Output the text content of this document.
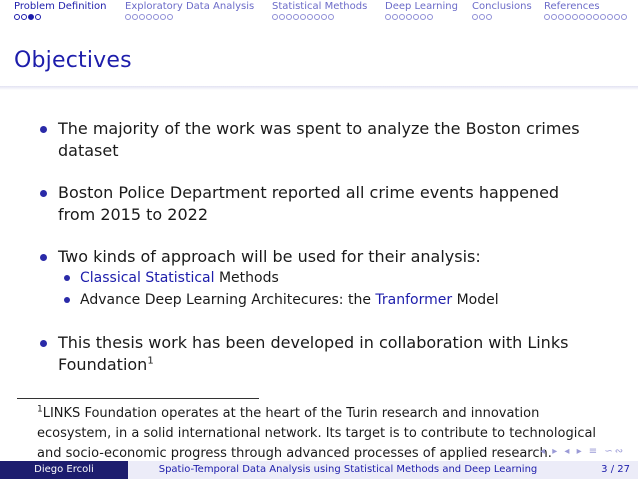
Problem Definition Exploratory Data Analysis Statistical Methods Deep Learning Conclusions References
Objectives
The majority of the work was spent to analyze the Boston crimes dataset
Boston Police Department reported all crime events happened from 2015 to 2022
Two kinds of approach will be used for their analysis:
Classical Statistical Methods
Advance Deep Learning Architecures: the Tranformer Model
This thesis work has been developed in collaboration with Links Foundation$^1$
$^1$LINKS Foundation operates at the heart of the Turin research and innovation ecosystem, in a solid international network. Its target is to contribute to technological and socio-economic progress through advanced processes of applied research.
◂ ▸ ◂ ▸ ≡ ∽∾
Diego Ercoli	Spatio-Temporal Data Analysis using Statistical Methods and Deep Learning	3 / 27
